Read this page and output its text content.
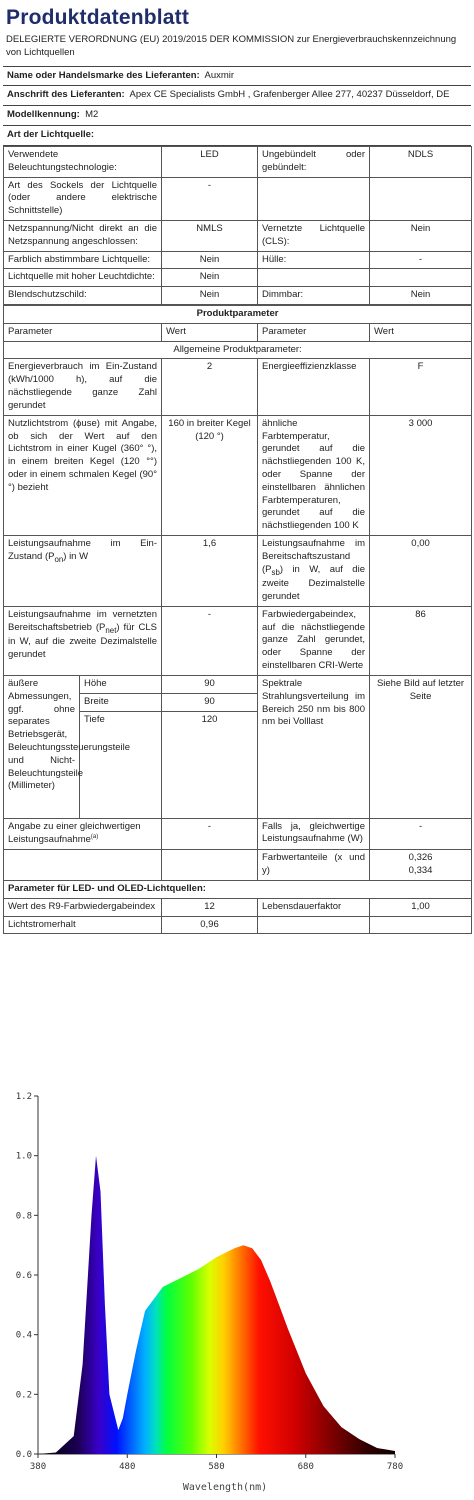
Produktdatenblatt
DELEGIERTE VERORDNUNG (EU) 2019/2015 DER KOMMISSION zur Energieverbrauchskennzeichnung von Lichtquellen
Name oder Handelsmarke des Lieferanten: Auxmir
Anschrift des Lieferanten: Apex CE Specialists GmbH , Grafenberger Allee 277, 40237 Düsseldorf, DE
Modellkennung: M2
Art der Lichtquelle:
Verwendete Beleuchtungstechnologie:	LED	Ungebündelt oder gebündelt:	NDLS
Art des Sockels der Lichtquelle (oder andere elektrische Schnittstelle)	-		
Netzspannung/Nicht direkt an die Netzspannung angeschlossen:	NMLS	Vernetzte Lichtquelle (CLS):	Nein
Farblich abstimmbare Lichtquelle:	Nein	Hülle:	-
Lichtquelle mit hoher Leuchtdichte:	Nein		
Blendschutzschild:	Nein	Dimmbar:	Nein
Produktparameter				
Parameter		Wert	Parameter	Wert
Allgemeine Produktparameter:				
Energieverbrauch im Ein-Zustand (kWh/1000 h), auf die nächstliegende ganze Zahl gerundet		2	Energieeffizienzklasse	F
Nutzlichtstrom (ϕuse) mit Angabe, ob sich der Wert auf den Lichtstrom in einer Kugel (360° °), in einem breiten Kegel (120 °°) oder in einem schmalen Kegel (90° °) bezieht		160 in breiter Kegel (120 °)	ähnliche Farbtemperatur, gerundet auf die nächstliegenden 100 K, oder Spanne der einstellbaren ähnlichen Farbtemperaturen, gerundet auf die nächstliegenden 100 K	3 000
Leistungsaufnahme im Ein-Zustand $(P_{on})$ in W		1,6	Leistungsaufnahme im Bereitschaftszustand $(P_{sb})$ in W, auf die zweite Dezimalstelle gerundet	0,00
Leistungsaufnahme im vernetzten Bereitschaftsbetrieb $(P_{net})$ für CLS in W, auf die zweite Dezimalstelle gerundet		-	Farbwiedergabeindex, auf die nächstliegende ganze Zahl gerundet, oder Spanne der einstellbaren CRI-Werte	86
äußere Abmessungen, ggf. ohne separates Betriebsgerät, Beleuchtungssteuerungsteile und Nicht-Beleuchtungsteile (Millimeter)	Höhe	90	Spektrale Strahlungsverteilung im Bereich 250 nm bis 800 nm bei Volllast	Siehe Bild auf letzter Seite
	Breite	90		
	Tiefe	120		
Angabe zu einer gleichwertigen Leistungsaufnahme$^{(a)}$		-	Falls ja, gleichwertige Leistungsaufnahme (W)	-
			Farbwertanteile (x und y)	0,326
0,334
Parameter für LED- und OLED-Lichtquellen:				
Wert des R9-Farbwiedergabeindex		12	Lebensdauerfaktor	1,00
Lichtstromerhalt		0,96		
380	480	580	680	780
0.0
0.2
0.4
0.6
0.8
1.0
1.2
Wavelength(nm)
